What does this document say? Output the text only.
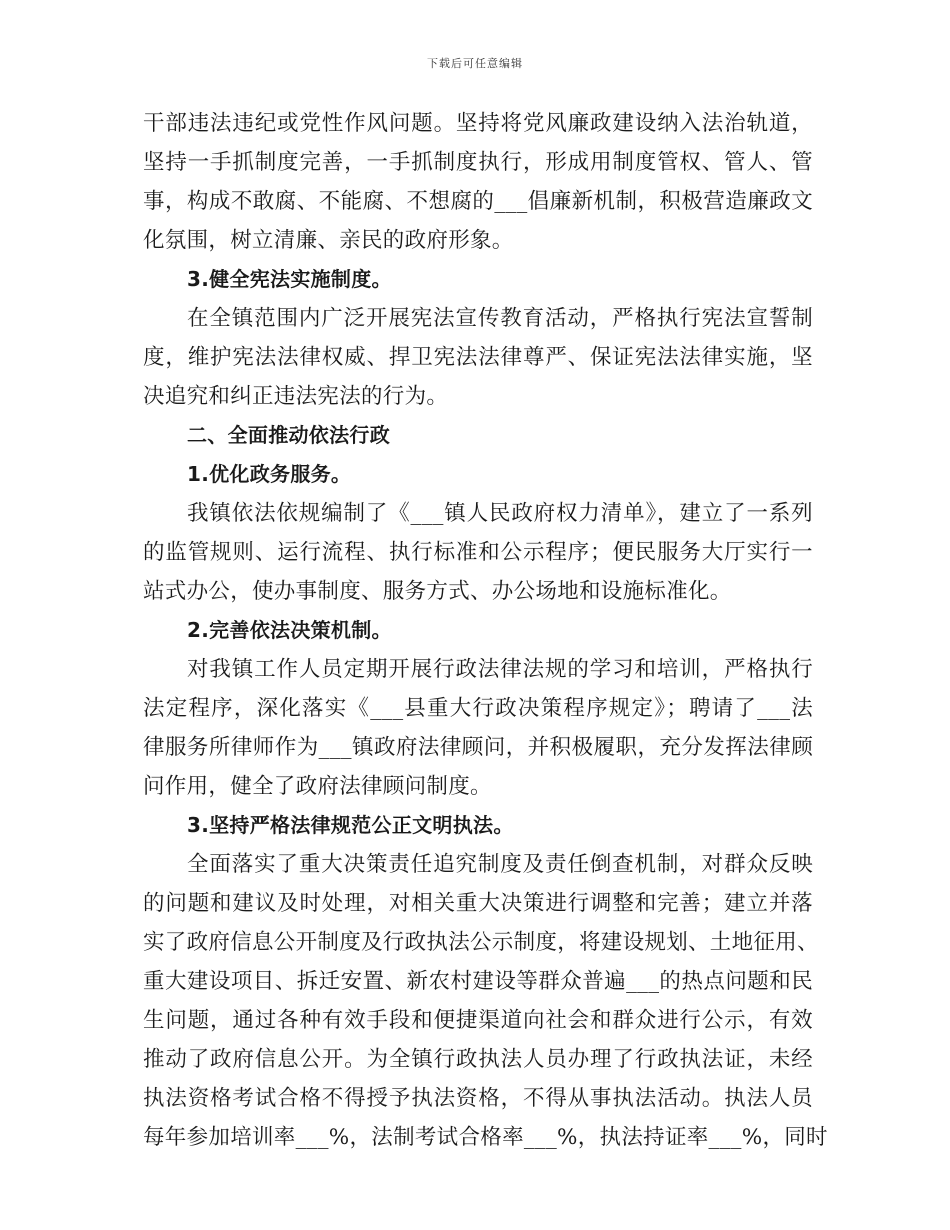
下载后可任意编辑
干部违法违纪或党性作风问题。坚持将党风廉政建设纳入法治轨道，
坚持一手抓制度完善，一手抓制度执行，形成用制度管权、管人、管
事，构成不敢腐、不能腐、不想腐的___倡廉新机制，积极营造廉政文
化氛围，树立清廉、亲民的政府形象。
3.健全宪法实施制度。
在全镇范围内广泛开展宪法宣传教育活动，严格执行宪法宣誓制
度，维护宪法法律权威、捍卫宪法法律尊严、保证宪法法律实施，坚
决追究和纠正违法宪法的行为。
二、全面推动依法行政
1.优化政务服务。
我镇依法依规编制了《___镇人民政府权力清单》，建立了一系列
的监管规则、运行流程、执行标准和公示程序；便民服务大厅实行一
站式办公，使办事制度、服务方式、办公场地和设施标准化。
2.完善依法决策机制。
对我镇工作人员定期开展行政法律法规的学习和培训，严格执行
法定程序，深化落实《___县重大行政决策程序规定》；聘请了___法
律服务所律师作为___镇政府法律顾问，并积极履职，充分发挥法律顾
问作用，健全了政府法律顾问制度。
3.坚持严格法律规范公正文明执法。
全面落实了重大决策责任追究制度及责任倒查机制，对群众反映
的问题和建议及时处理，对相关重大决策进行调整和完善；建立并落
实了政府信息公开制度及行政执法公示制度，将建设规划、土地征用、
重大建设项目、拆迁安置、新农村建设等群众普遍___的热点问题和民
生问题，通过各种有效手段和便捷渠道向社会和群众进行公示，有效
推动了政府信息公开。为全镇行政执法人员办理了行政执法证，未经
执法资格考试合格不得授予执法资格，不得从事执法活动。执法人员
每年参加培训率___%，法制考试合格率___%，执法持证率___%，同时
